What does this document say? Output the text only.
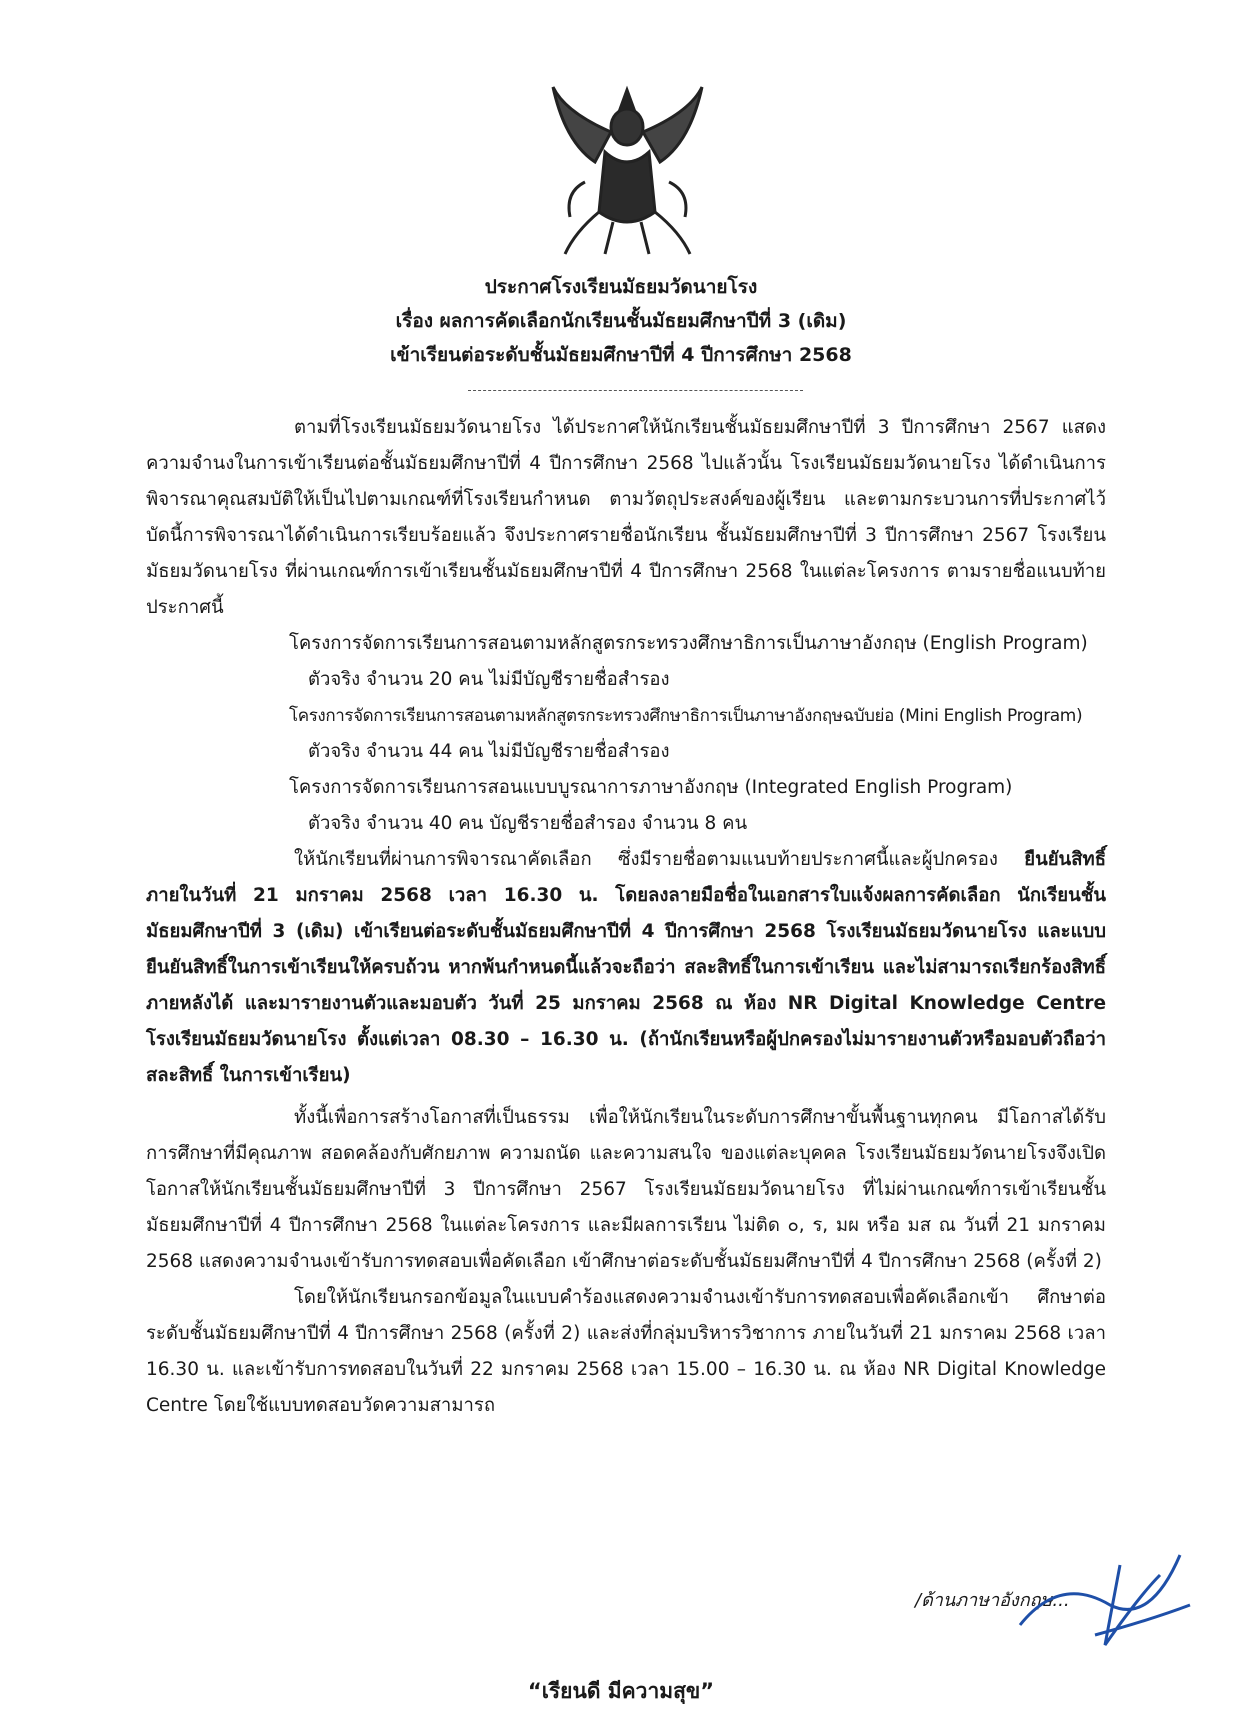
ประกาศโรงเรียนมัธยมวัดนายโรง
เรื่อง ผลการคัดเลือกนักเรียนชั้นมัธยมศึกษาปีที่ 3 (เดิม)
เข้าเรียนต่อระดับชั้นมัธยมศึกษาปีที่ 4 ปีการศึกษา 2568

ตามที่โรงเรียนมัธยมวัดนายโรง ได้ประกาศให้นักเรียนชั้นมัธยมศึกษาปีที่ 3 ปีการศึกษา 2567 แสดงความจำนงในการเข้าเรียนต่อชั้นมัธยมศึกษาปีที่ 4 ปีการศึกษา 2568 ไปแล้วนั้น โรงเรียนมัธยมวัดนายโรง ได้ดำเนินการพิจารณาคุณสมบัติให้เป็นไปตามเกณฑ์ที่โรงเรียนกำหนด ตามวัตถุประสงค์ของผู้เรียน และตามกระบวนการที่ประกาศไว้ บัดนี้การพิจารณาได้ดำเนินการเรียบร้อยแล้ว จึงประกาศรายชื่อนักเรียน ชั้นมัธยมศึกษาปีที่ 3 ปีการศึกษา 2567 โรงเรียนมัธยมวัดนายโรง ที่ผ่านเกณฑ์การเข้าเรียนชั้นมัธยมศึกษาปีที่ 4 ปีการศึกษา 2568 ในแต่ละโครงการ ตามรายชื่อแนบท้ายประกาศนี้

โครงการจัดการเรียนการสอนตามหลักสูตรกระทรวงศึกษาธิการเป็นภาษาอังกฤษ (English Program)

ตัวจริง จำนวน 20 คน ไม่มีบัญชีรายชื่อสำรอง

โครงการจัดการเรียนการสอนตามหลักสูตรกระทรวงศึกษาธิการเป็นภาษาอังกฤษฉบับย่อ (Mini English Program)

ตัวจริง จำนวน 44 คน ไม่มีบัญชีรายชื่อสำรอง

โครงการจัดการเรียนการสอนแบบบูรณาการภาษาอังกฤษ (Integrated English Program)

ตัวจริง จำนวน 40 คน บัญชีรายชื่อสำรอง จำนวน 8 คน

ให้นักเรียนที่ผ่านการพิจารณาคัดเลือก ซึ่งมีรายชื่อตามแนบท้ายประกาศนี้และผู้ปกครอง ยืนยันสิทธิ์ภายในวันที่ 21 มกราคม 2568 เวลา 16.30 น. โดยลงลายมือชื่อในเอกสารใบแจ้งผลการคัดเลือก นักเรียนชั้นมัธยมศึกษาปีที่ 3 (เดิม) เข้าเรียนต่อระดับชั้นมัธยมศึกษาปีที่ 4 ปีการศึกษา 2568 โรงเรียนมัธยมวัดนายโรง และแบบยืนยันสิทธิ์ในการเข้าเรียนให้ครบถ้วน หากพ้นกำหนดนี้แล้วจะถือว่า สละสิทธิ์ในการเข้าเรียน และไม่สามารถเรียกร้องสิทธิ์ภายหลังได้ และมารายงานตัวและมอบตัว วันที่ 25 มกราคม 2568 ณ ห้อง NR Digital Knowledge Centre โรงเรียนมัธยมวัดนายโรง ตั้งแต่เวลา 08.30 – 16.30 น. (ถ้านักเรียนหรือผู้ปกครองไม่มารายงานตัวหรือมอบตัวถือว่าสละสิทธิ์ ในการเข้าเรียน)

ทั้งนี้เพื่อการสร้างโอกาสที่เป็นธรรม เพื่อให้นักเรียนในระดับการศึกษาขั้นพื้นฐานทุกคน มีโอกาสได้รับการศึกษาที่มีคุณภาพ สอดคล้องกับศักยภาพ ความถนัด และความสนใจ ของแต่ละบุคคล โรงเรียนมัธยมวัดนายโรงจึงเปิดโอกาสให้นักเรียนชั้นมัธยมศึกษาปีที่ 3 ปีการศึกษา 2567 โรงเรียนมัธยมวัดนายโรง ที่ไม่ผ่านเกณฑ์การเข้าเรียนชั้นมัธยมศึกษาปีที่ 4 ปีการศึกษา 2568 ในแต่ละโครงการ และมีผลการเรียน ไม่ติด ๐, ร, มผ หรือ มส ณ วันที่ 21 มกราคม 2568 แสดงความจำนงเข้ารับการทดสอบเพื่อคัดเลือก เข้าศึกษาต่อระดับชั้นมัธยมศึกษาปีที่ 4 ปีการศึกษา 2568 (ครั้งที่ 2)

โดยให้นักเรียนกรอกข้อมูลในแบบคำร้องแสดงความจำนงเข้ารับการทดสอบเพื่อคัดเลือกเข้า ศึกษาต่อระดับชั้นมัธยมศึกษาปีที่ 4 ปีการศึกษา 2568 (ครั้งที่ 2) และส่งที่กลุ่มบริหารวิชาการ ภายในวันที่ 21 มกราคม 2568 เวลา 16.30 น. และเข้ารับการทดสอบในวันที่ 22 มกราคม 2568 เวลา 15.00 – 16.30 น. ณ ห้อง NR Digital Knowledge Centre โดยใช้แบบทดสอบวัดความสามารถ

/ด้านภาษาอังกฤษ...
“เรียนดี มีความสุข”
